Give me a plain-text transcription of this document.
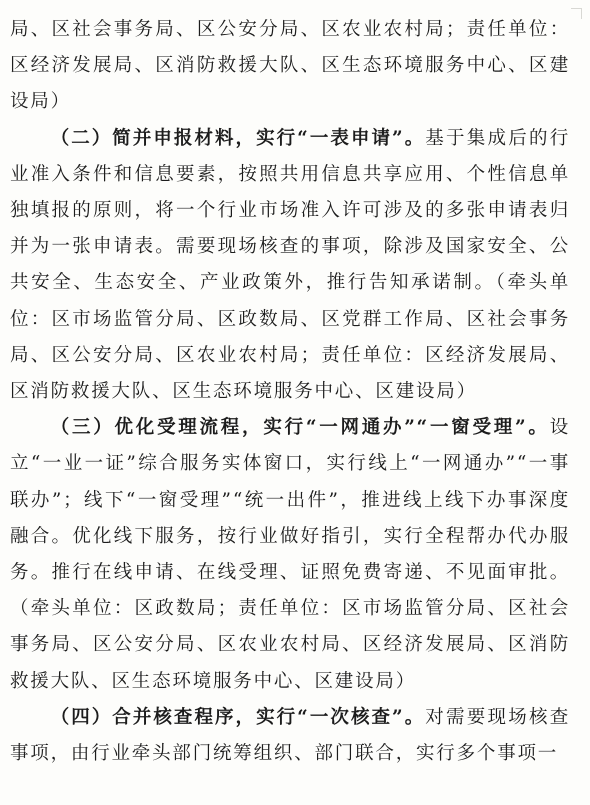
局、区社会事务局、区公安分局、区农业农村局；责任单位：区经济发展局、区消防救援大队、区生态环境服务中心、区建设局）

（二）简并申报材料，实行“一表申请”。基于集成后的行业准入条件和信息要素，按照共用信息共享应用、个性信息单独填报的原则，将一个行业市场准入许可涉及的多张申请表归并为一张申请表。需要现场核查的事项，除涉及国家安全、公共安全、生态安全、产业政策外，推行告知承诺制。（牵头单位：区市场监管分局、区政数局、区党群工作局、区社会事务局、区公安分局、区农业农村局；责任单位：区经济发展局、区消防救援大队、区生态环境服务中心、区建设局）

（三）优化受理流程，实行“一网通办”“一窗受理”。设立“一业一证”综合服务实体窗口，实行线上“一网通办”“一事联办”；线下“一窗受理”“统一出件”，推进线上线下办事深度融合。优化线下服务，按行业做好指引，实行全程帮办代办服务。推行在线申请、在线受理、证照免费寄递、不见面审批。（牵头单位：区政数局；责任单位：区市场监管分局、区社会事务局、区公安分局、区农业农村局、区经济发展局、区消防救援大队、区生态环境服务中心、区建设局）

（四）合并核查程序，实行“一次核查”。对需要现场核查事项，由行业牵头部门统筹组织、部门联合，实行多个事项一
